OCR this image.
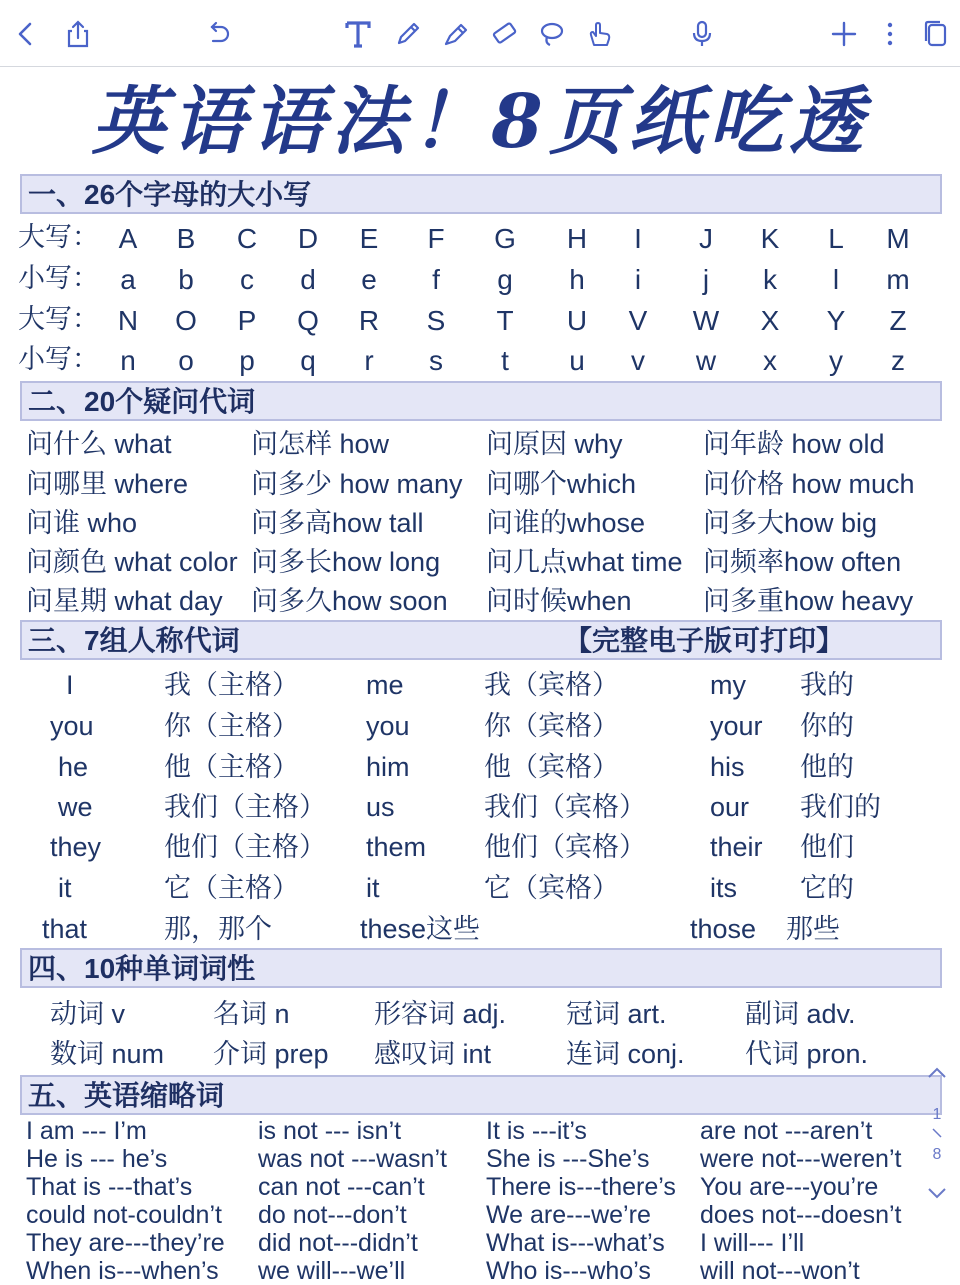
英语语法！8页纸吃透
一、26个字母的大小写
大写： A	B	C	D	E	F	G	H	I	J	K	L	M
小写： a	b	c	d	e	f	g	h	i	j	k	l	m
大写： N	O	P	Q	R	S	T	U	V	W	X	Y	Z
小写： n	o	p	q	r	s	t	u	v	w	x	y	z
二、20个疑问代词
问什么 what	问怎样 how	问原因 why	问年龄 how old
问哪里 where 问多少 how many 问哪个which 问价格 how much
问谁 who	问多高how tall 问谁的whose 问多大how big
问颜色 what color 问多长how long 问几点what time 问频率how often
问星期 what day 问多久how soon 问时候when	问多重how heavy
三、7组人称代词	【完整电子版可打印】
I	我（主格） me	我（宾格）	my 我的
you	你（主格） you	你（宾格）	your 你的
he	他（主格） him	他（宾格）	his 他的
we	我们（主格） us	我们（宾格） our 我们的
they 他们（主格） them 他们（宾格） their 他们
it	它（主格） it	它（宾格）	its 它的
that	那，那个	these这些	those 那些
四、10种单词词性
动词 v	名词 n	形容词 adj. 冠词 art.	副词 adv.
数词 num 介词 prep 感叹词 int	连词 conj. 代词 pron.
五、英语缩略词
I am --- I’m	is not --- isn’t	It is ---it’s	are not ---aren’t
He is --- he’s	was not ---wasn’t She is ---She’s were not---weren’t
That is ---that’s	can not ---can’t There is---there’s You are---you’re
could not-couldn’t do not---don’t	We are---we’re does not---doesn’t
They are---they’re did not---didn’t	What is---what’s I will--- I’ll
When is---when’s we will---we’ll	Who is---who’s will not---won’t
1
8
